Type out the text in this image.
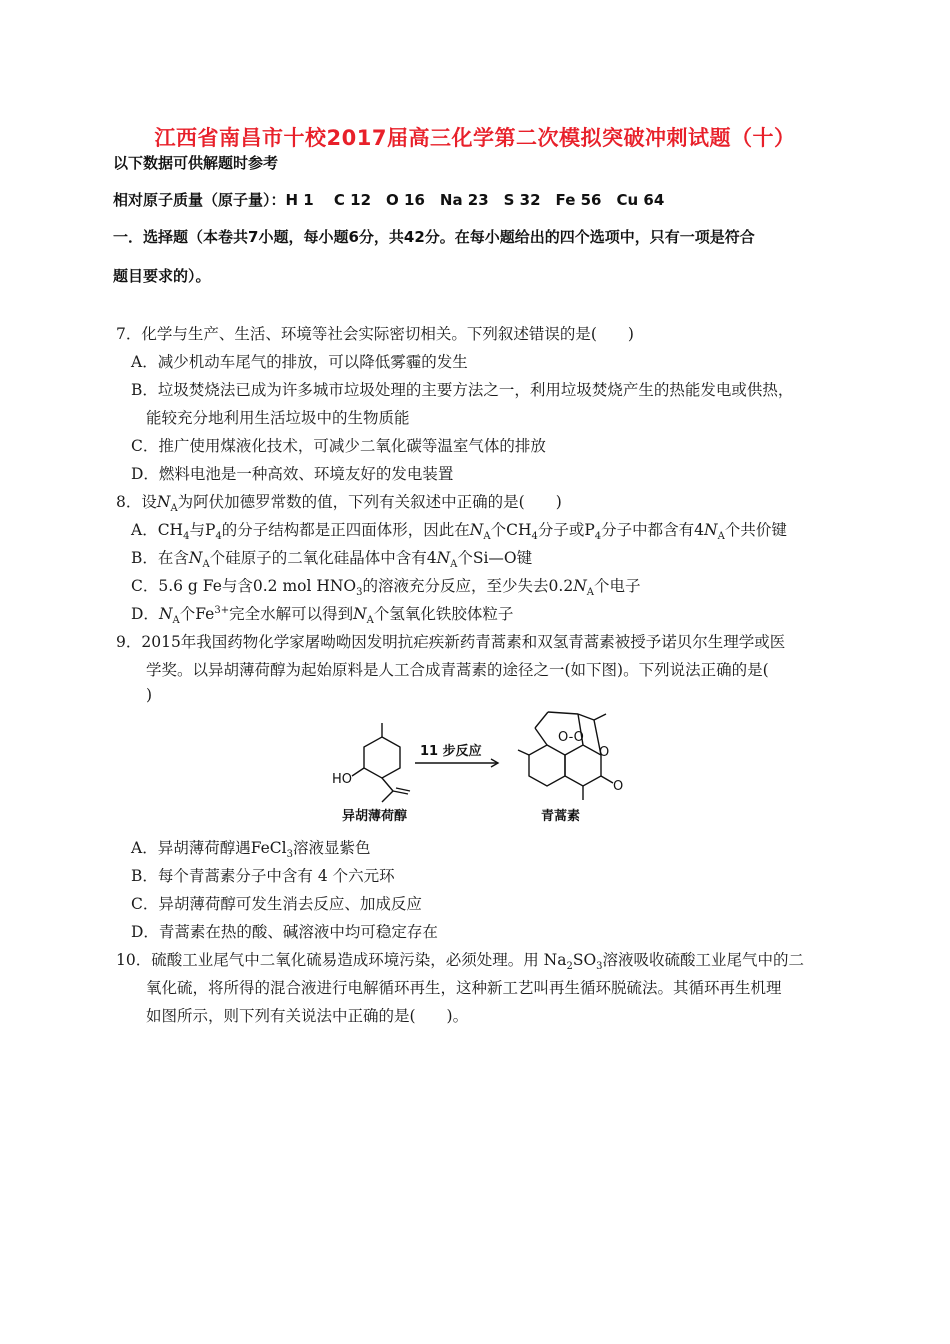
江西省南昌市十校2017届高三化学第二次模拟突破冲刺试题（十）
以下数据可供解题时参考
相对原子质量（原子量）：H 1　 C 12　O 16　Na 23　S 32　Fe 56　Cu 64
一．选择题（本卷共7小题，每小题6分，共42分。在每小题给出的四个选项中，只有一项是符合
题目要求的）。
7．化学与生产、生活、环境等社会实际密切相关。下列叙述错误的是(　　)
A．减少机动车尾气的排放，可以降低雾霾的发生
B．垃圾焚烧法已成为许多城市垃圾处理的主要方法之一，利用垃圾焚烧产生的热能发电或供热，
能较充分地利用生活垃圾中的生物质能
C．推广使用煤液化技术，可减少二氧化碳等温室气体的排放
D．燃料电池是一种高效、环境友好的发电装置
8．设$N_A$为阿伏加德罗常数的值，下列有关叙述中正确的是(　　)
A．$CH_4$与$P_4$的分子结构都是正四面体形，因此在$N_A$个$CH_4$分子或$P_4$分子中都含有$4N_A$个共价键
B．在含$N_A$个硅原子的二氧化硅晶体中含有$4N_A$个Si—O键
C．5.6 g Fe与含0.2 mol $HNO_3$的溶液充分反应，至少失去$0.2N_A$个电子
D．$N_A$个$Fe^{3+}$完全水解可以得到$N_A$个氢氧化铁胶体粒子
9．2015年我国药物化学家屠呦呦因发明抗疟疾新药青蒿素和双氢青蒿素被授予诺贝尔生理学或医
学奖。以异胡薄荷醇为起始原料是人工合成青蒿素的途径之一(如下图)。下列说法正确的是(
)
HO
异胡薄荷醇
11 步反应
O-O
O
O
青蒿素
A．异胡薄荷醇遇FeCl$_3$溶液显紫色
B．每个青蒿素分子中含有 4 个六元环
C．异胡薄荷醇可发生消去反应、加成反应
D．青蒿素在热的酸、碱溶液中均可稳定存在
10．硫酸工业尾气中二氧化硫易造成环境污染，必须处理。用 $Na_2SO_3$溶液吸收硫酸工业尾气中的二
氧化硫，将所得的混合液进行电解循环再生，这种新工艺叫再生循环脱硫法。其循环再生机理
如图所示，则下列有关说法中正确的是(　　)。
